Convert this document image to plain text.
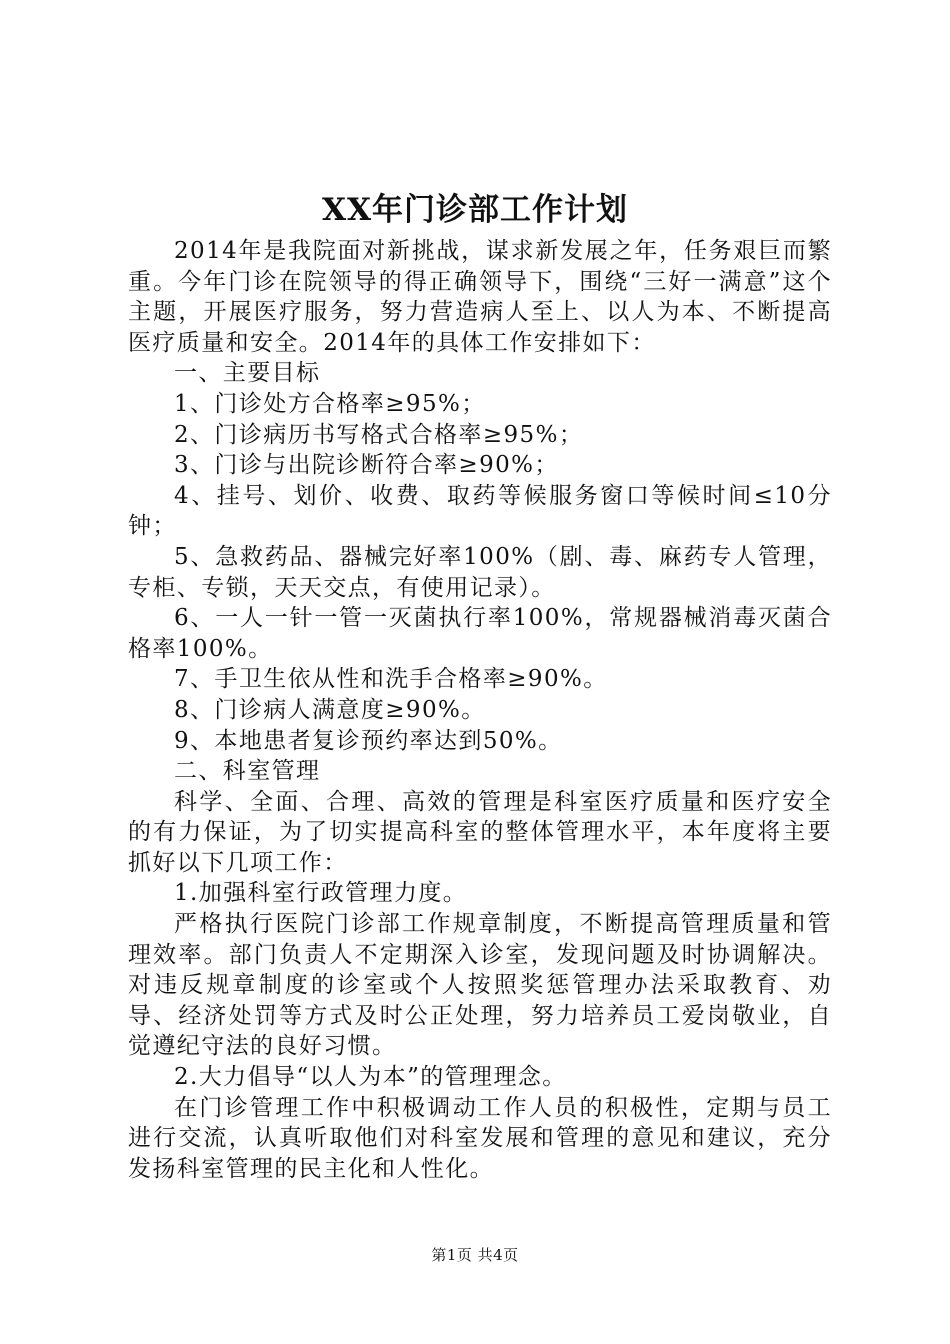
XX年门诊部工作计划

2014年是我院面对新挑战，谋求新发展之年，任务艰巨而繁重。今年门诊在院领导的得正确领导下，围绕“三好一满意”这个主题，开展医疗服务，努力营造病人至上、以人为本、不断提高医疗质量和安全。2014年的具体工作安排如下：

一、主要目标

1、门诊处方合格率≥95%；

2、门诊病历书写格式合格率≥95%；

3、门诊与出院诊断符合率≥90%；

4、挂号、划价、收费、取药等候服务窗口等候时间≤10分钟；

5、急救药品、器械完好率100%（剧、毒、麻药专人管理，专柜、专锁，天天交点，有使用记录）。

6、一人一针一管一灭菌执行率100%，常规器械消毒灭菌合格率100%。

7、手卫生依从性和洗手合格率≥90%。

8、门诊病人满意度≥90%。

9、本地患者复诊预约率达到50%。

二、科室管理

科学、全面、合理、高效的管理是科室医疗质量和医疗安全的有力保证，为了切实提高科室的整体管理水平，本年度将主要抓好以下几项工作：

1.加强科室行政管理力度。

严格执行医院门诊部工作规章制度，不断提高管理质量和管理效率。部门负责人不定期深入诊室，发现问题及时协调解决。对违反规章制度的诊室或个人按照奖惩管理办法采取教育、劝导、经济处罚等方式及时公正处理，努力培养员工爱岗敬业，自觉遵纪守法的良好习惯。

2.大力倡导“以人为本”的管理理念。

在门诊管理工作中积极调动工作人员的积极性，定期与员工进行交流，认真听取他们对科室发展和管理的意见和建议，充分发扬科室管理的民主化和人性化。

第1页 共4页
